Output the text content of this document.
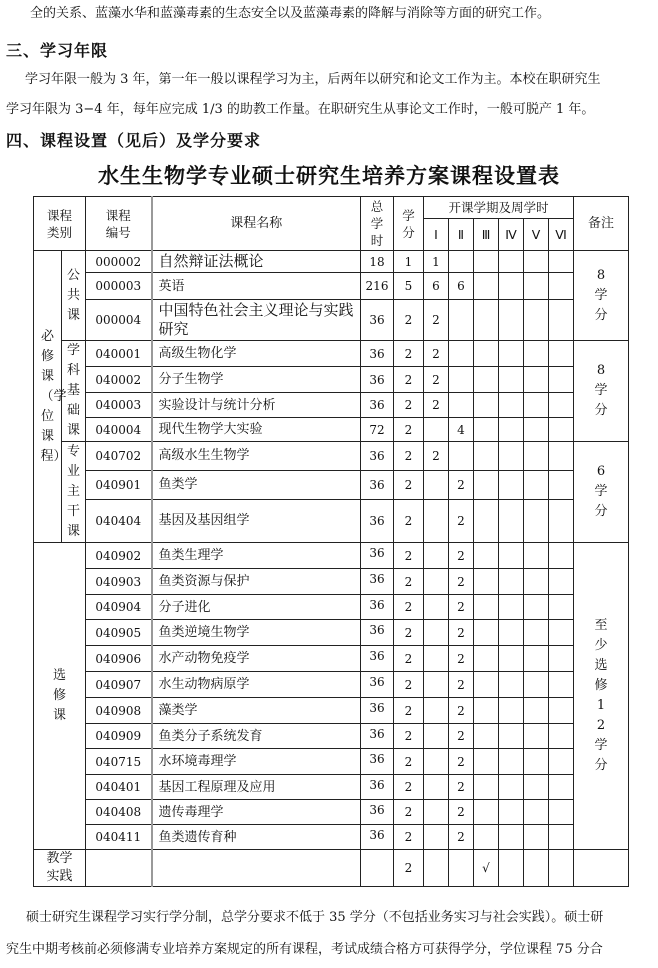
全的关系、蓝藻水华和蓝藻毒素的生态安全以及蓝藻毒素的降解与消除等方面的研究工作。
三、学习年限
学习年限一般为 3 年，第一年一般以课程学习为主，后两年以研究和论文工作为主。本校在职研究生
学习年限为 3−4 年，每年应完成 1/3 的助教工作量。在职研究生从事论文工作时，一般可脱产 1 年。
四、课程设置（见后）及学分要求
水生生物学专业硕士研究生培养方案课程设置表
课程类别		课程编号	课程名称	总学时	学分	开课学期及周学时						备注
						Ⅰ	Ⅱ	Ⅲ	Ⅳ	Ⅴ	Ⅵ	

必修课（学位课程）	公共课	000002	自然辩证法概论	18	1	1						8学分

		000003	英语	216	5	6	6					
		000004	中国特色社会主义理论与实践研究	36	2	2						

	学科基础课	040001	高级生物化学	36	2	2						8学分

		040002	分子生物学	36	2	2						
		040003	实验设计与统计分析	36	2	2						
		040004	现代生物学大实验	72	2		4					

	专业主干课	040702	高级水生生物学	36	2	2						6学分

		040901	鱼类学	36	2		2					
		040404	基因及基因组学	36	2		2					

选修课		040902	鱼类生理学	36	2		2					至少选修12学分

		040903	鱼类资源与保护	36	2		2					
		040904	分子进化	36	2		2					
		040905	鱼类逆境生物学	36	2		2					
		040906	水产动物免疫学	36	2		2					
		040907	水生动物病原学	36	2		2					
		040908	藻类学	36	2		2					
		040909	鱼类分子系统发育	36	2		2					
		040715	水环境毒理学	36	2		2					
		040401	基因工程原理及应用	36	2		2					
		040408	遗传毒理学	36	2		2					
		040411	鱼类遗传育种	36	2		2					

教学实践					2			√				
硕士研究生课程学习实行学分制，总学分要求不低于 35 学分（不包括业务实习与社会实践）。硕士研
究生中期考核前必须修满专业培养方案规定的所有课程，考试成绩合格方可获得学分，学位课程 75 分合
